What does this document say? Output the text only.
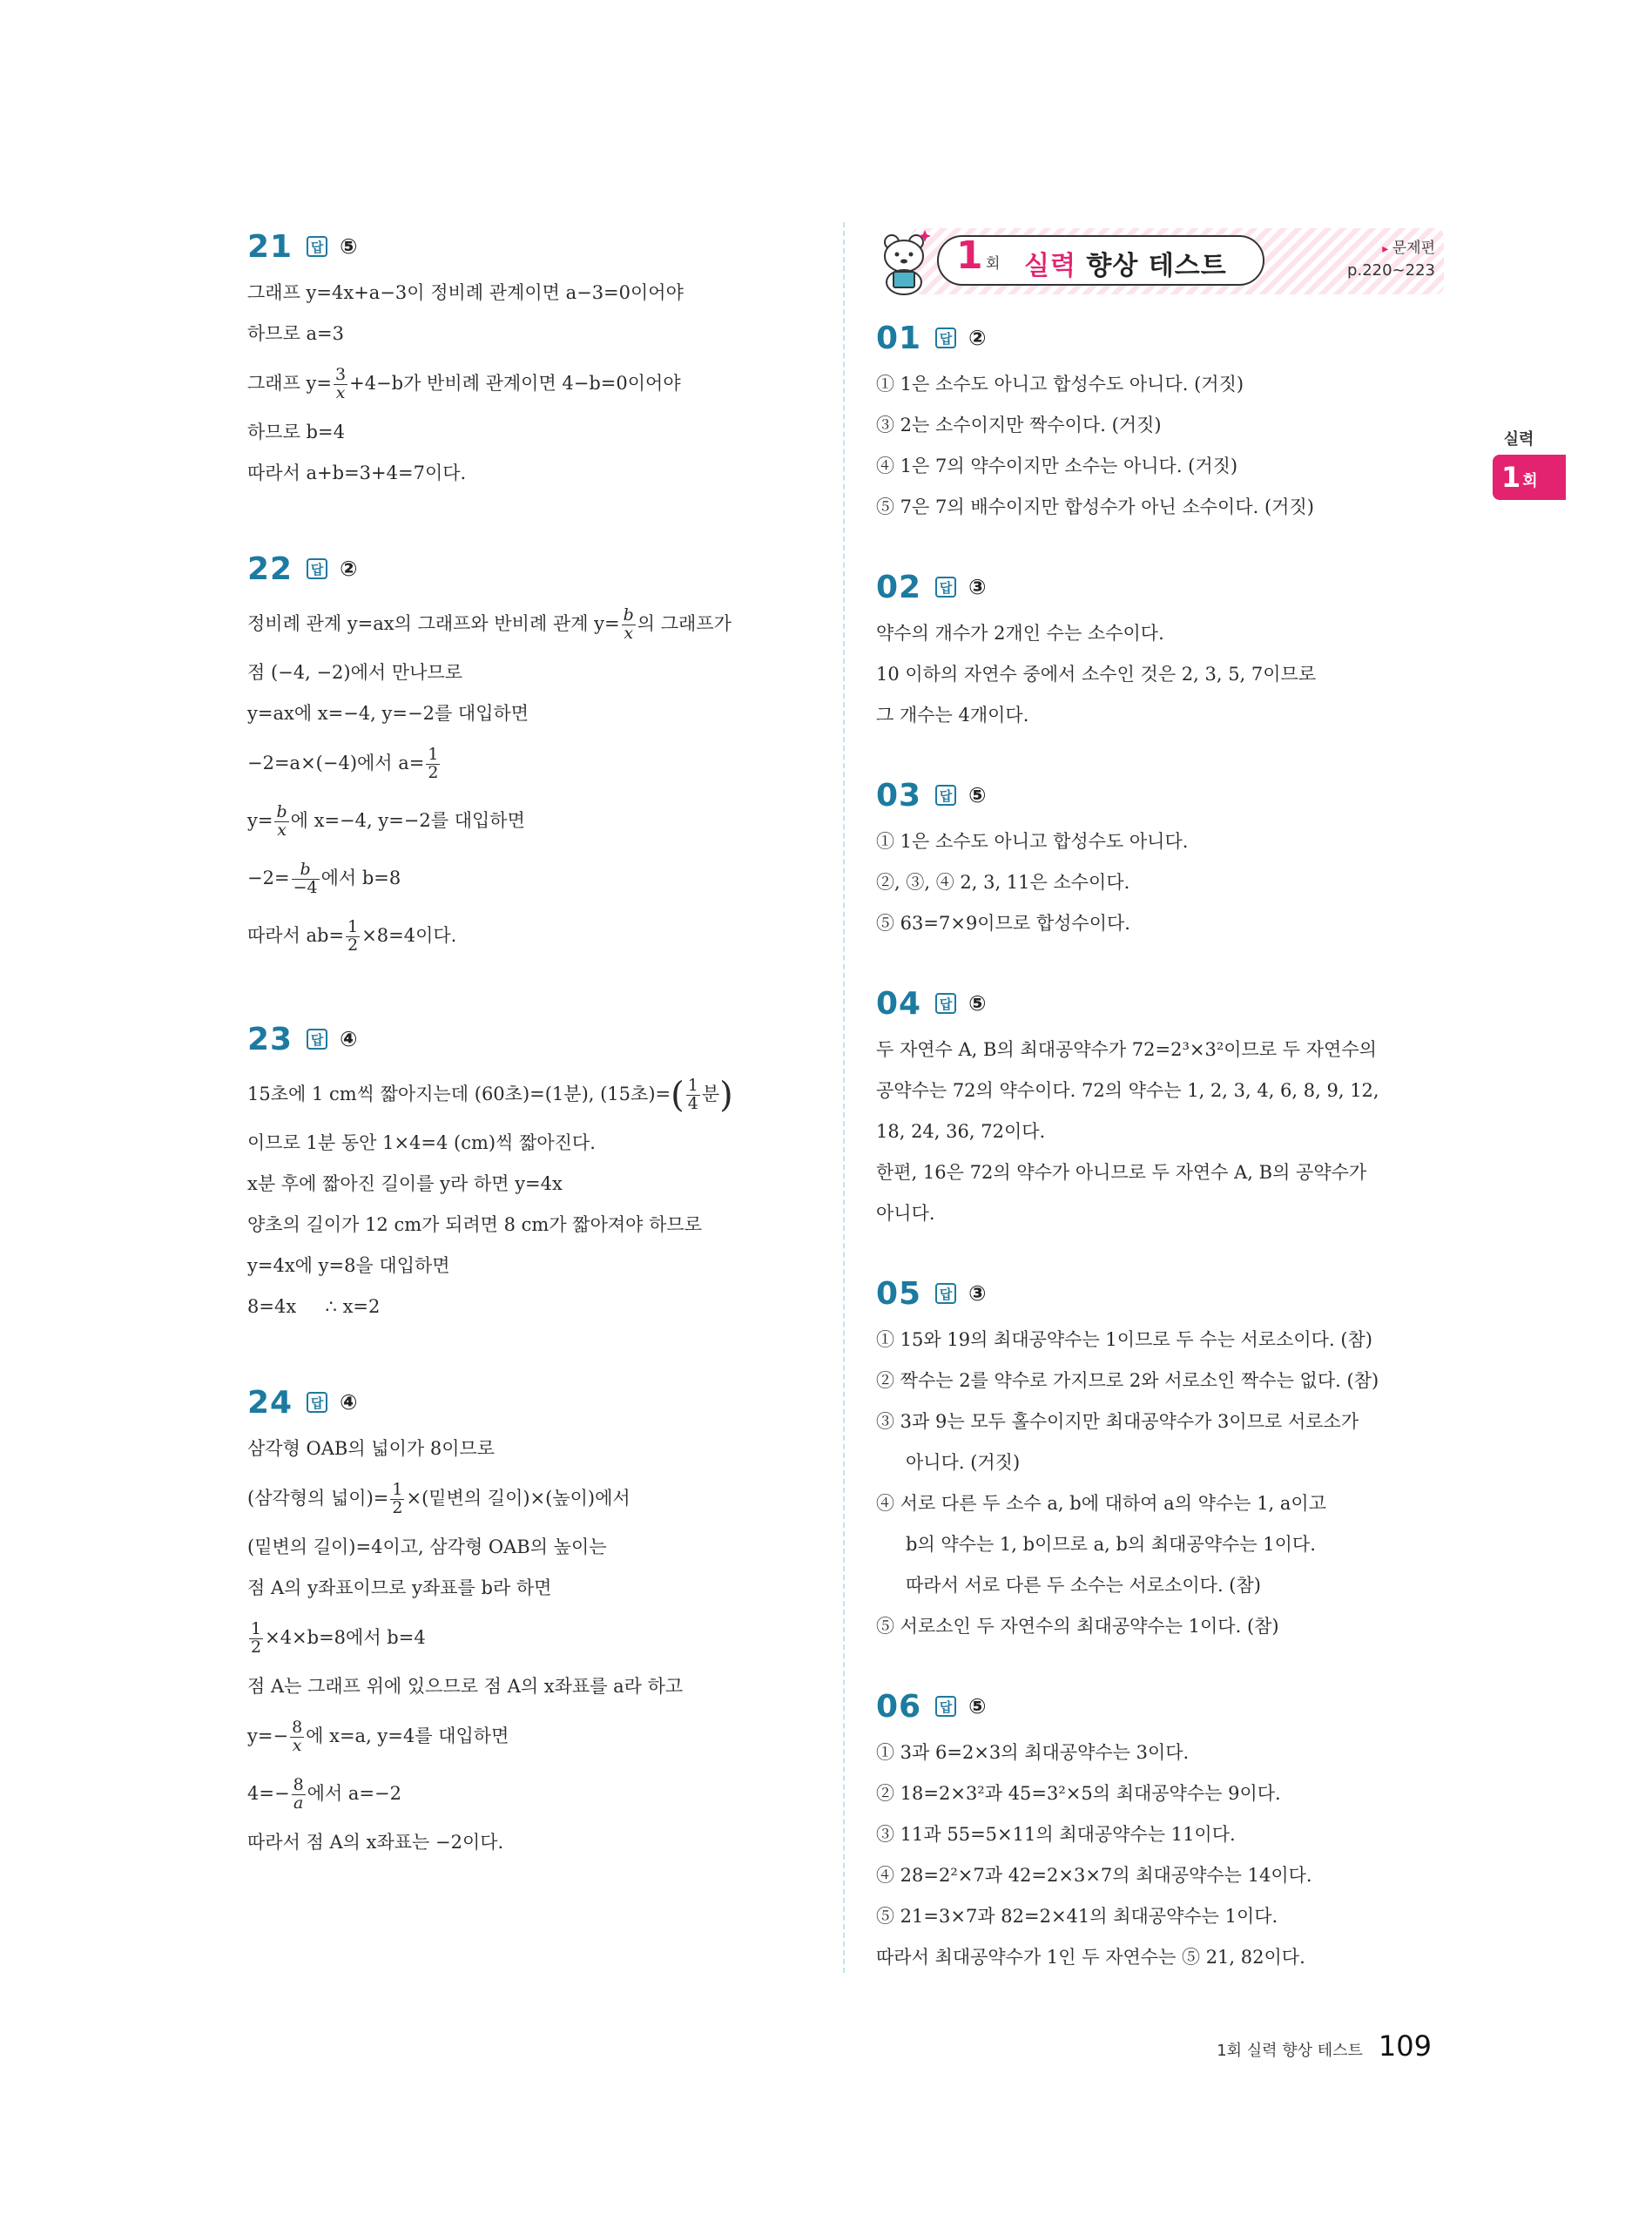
21	답 ⑤
그래프 y=4x+a−3이 정비례 관계이면 a−3=0이어야
하므로 a=3
그래프 $y= \frac{3}{x} +4-b$가 반비례 관계이면 4−b=0이어야
하므로 b=4
따라서 a+b=3+4=7이다.
22	답 ②
정비례 관계 y=ax의 그래프와 반비례 관계 $y= \frac{b}{x}$ 의 그래프가
점 (−4, −2)에서 만나므로
y=ax에 x=−4, y=−2를 대입하면
−2=a×(−4)에서 $a= \frac{1}{2}$
$y= \frac{b}{x}$ 에 x=−4, y=−2를 대입하면
$-2= \frac{b}{-4}$ 에서 b=8
따라서 $ab= \frac{1}{2} \times 8=4$이다.
23	답 ④
15초에 1 cm씩 짧아지는데 (60초)=(1분), (15초)=( $\frac{1}{4}$ 분)
이므로 1분 동안 1×4=4 (cm)씩 짧아진다.
x분 후에 짧아진 길이를 y라 하면 y=4x
양초의 길이가 12 cm가 되려면 8 cm가 짧아져야 하므로
y=4x에 y=8을 대입하면
8=4x     ∴ x=2
24	답 ④
삼각형 OAB의 넓이가 8이므로
(삼각형의 넓이)= $\frac{1}{2}$ ×(밑변의 길이)×(높이)에서
(밑변의 길이)=4이고, 삼각형 OAB의 높이는
점 A의 y좌표이므로 y좌표를 b라 하면
$\frac{1}{2} \times 4\times b=8$에서 b=4
점 A는 그래프 위에 있으므로 점 A의 x좌표를 a라 하고
$y=- \frac{8}{x}$ 에 x=a, y=4를 대입하면
$4=- \frac{8}{a}$ 에서 a=−2
따라서 점 A의 x좌표는 −2이다.
1 회 실력 향상 테스트
▸ 문제편
p.220~223
01	답 ②
① 1은 소수도 아니고 합성수도 아니다. (거짓)
③ 2는 소수이지만 짝수이다. (거짓)
④ 1은 7의 약수이지만 소수는 아니다. (거짓)
⑤ 7은 7의 배수이지만 합성수가 아닌 소수이다. (거짓)
02	답 ③
약수의 개수가 2개인 수는 소수이다.
10 이하의 자연수 중에서 소수인 것은 2, 3, 5, 7이므로
그 개수는 4개이다.
03	답 ⑤
① 1은 소수도 아니고 합성수도 아니다.
②, ③, ④ 2, 3, 11은 소수이다.
⑤ 63=7×9이므로 합성수이다.
04	답 ⑤
두 자연수 A, B의 최대공약수가 72=2³×3²이므로 두 자연수의
공약수는 72의 약수이다. 72의 약수는 1, 2, 3, 4, 6, 8, 9, 12,
18, 24, 36, 72이다.
한편, 16은 72의 약수가 아니므로 두 자연수 A, B의 공약수가
아니다.
05	답 ③
① 15와 19의 최대공약수는 1이므로 두 수는 서로소이다. (참)
② 짝수는 2를 약수로 가지므로 2와 서로소인 짝수는 없다. (참)
③ 3과 9는 모두 홀수이지만 최대공약수가 3이므로 서로소가
아니다. (거짓)
④ 서로 다른 두 소수 a, b에 대하여 a의 약수는 1, a이고
b의 약수는 1, b이므로 a, b의 최대공약수는 1이다.
따라서 서로 다른 두 소수는 서로소이다. (참)
⑤ 서로소인 두 자연수의 최대공약수는 1이다. (참)
06	답 ⑤
① 3과 6=2×3의 최대공약수는 3이다.
② 18=2×3²과 45=3²×5의 최대공약수는 9이다.
③ 11과 55=5×11의 최대공약수는 11이다.
④ 28=2²×7과 42=2×3×7의 최대공약수는 14이다.
⑤ 21=3×7과 82=2×41의 최대공약수는 1이다.
따라서 최대공약수가 1인 두 자연수는 ⑤ 21, 82이다.
실력
1 회
1회 실력 향상 테스트 109
